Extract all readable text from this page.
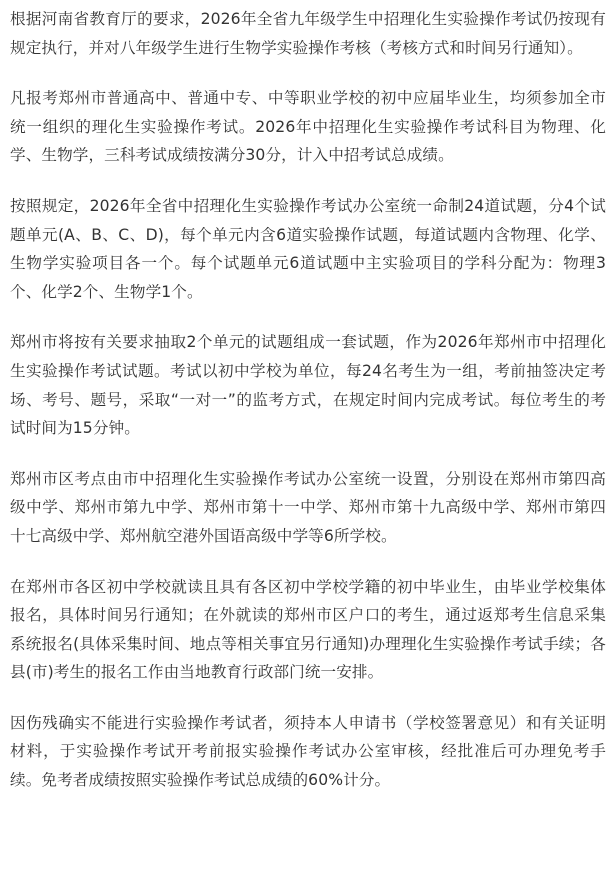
根据河南省教育厅的要求，2026年全省九年级学生中招理化生实验操作考试仍按现有规定执行，并对八年级学生进行生物学实验操作考核（考核方式和时间另行通知）。

凡报考郑州市普通高中、普通中专、中等职业学校的初中应届毕业生，均须参加全市统一组织的理化生实验操作考试。2026年中招理化生实验操作考试科目为物理、化学、生物学，三科考试成绩按满分30分，计入中招考试总成绩。

按照规定，2026年全省中招理化生实验操作考试办公室统一命制24道试题，分4个试题单元(A、B、C、D)，每个单元内含6道实验操作试题，每道试题内含物理、化学、生物学实验项目各一个。每个试题单元6道试题中主实验项目的学科分配为：物理3个、化学2个、生物学1个。

郑州市将按有关要求抽取2个单元的试题组成一套试题，作为2026年郑州市中招理化生实验操作考试试题。考试以初中学校为单位，每24名考生为一组，考前抽签决定考场、考号、题号，采取“一对一”的监考方式，在规定时间内完成考试。每位考生的考试时间为15分钟。

郑州市区考点由市中招理化生实验操作考试办公室统一设置，分别设在郑州市第四高级中学、郑州市第九中学、郑州市第十一中学、郑州市第十九高级中学、郑州市第四十七高级中学、郑州航空港外国语高级中学等6所学校。

在郑州市各区初中学校就读且具有各区初中学校学籍的初中毕业生，由毕业学校集体报名，具体时间另行通知；在外就读的郑州市区户口的考生，通过返郑考生信息采集系统报名(具体采集时间、地点等相关事宜另行通知)办理理化生实验操作考试手续；各县(市)考生的报名工作由当地教育行政部门统一安排。

因伤残确实不能进行实验操作考试者，须持本人申请书（学校签署意见）和有关证明材料，于实验操作考试开考前报实验操作考试办公室审核，经批准后可办理免考手续。免考者成绩按照实验操作考试总成绩的60%计分。
